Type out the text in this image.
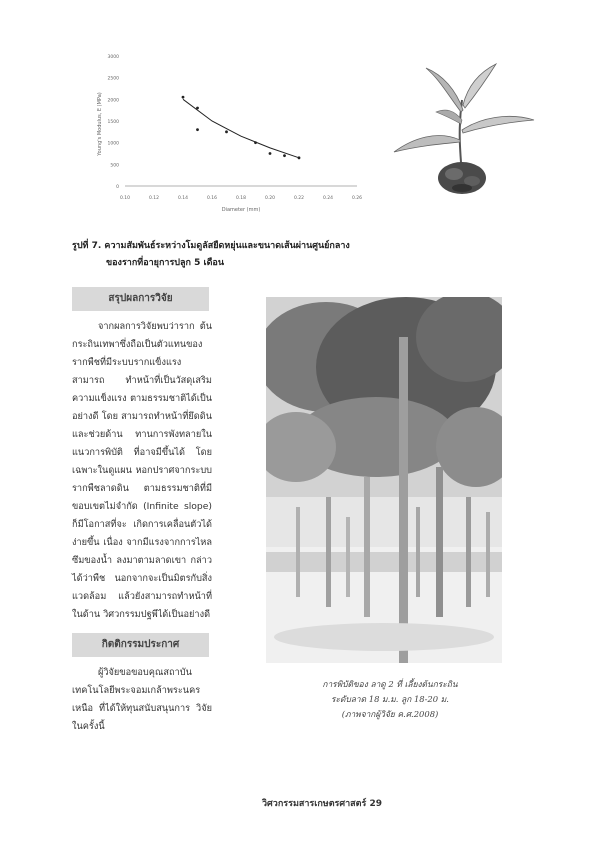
3000
2500
2000
1500
1000
500
0
0.10	0.12	0.14	0.16	0.18	0.20	0.22	0.24	0.26
Young's Modulus, E (MPa)
Diameter (mm)
รูปที่ 7. ความสัมพันธ์ระหว่างโมดูลัสยืดหยุ่นและขนาดเส้นผ่านศูนย์กลาง
ของรากที่อายุการปลูก 5 เดือน
สรุปผลการวิจัย

จากผลการวิจัยพบว่าราก ต้นกระถินเทพาซึ่งถือเป็นตัวแทนของ รากพืชที่มีระบบรากแข็งแรงสามารถ ทำหน้าที่เป็นวัสดุเสริมความแข็งแรง ตามธรรมชาติได้เป็นอย่างดี โดย สามารถทำหน้าที่ยึดดินและช่วยด้าน ทานการพังทลายในแนวการพิบัติ ที่อาจมีขึ้นได้ โดยเฉพาะในดูแผน หอกปราศจากระบบรากพืชลาดดิน ตามธรรมชาติที่มีขอบเขตไม่จำกัด (Infinite slope) ก็มีโอกาสที่จะ เกิดการเคลื่อนตัวได้ง่ายขึ้น เนื่อง จากมีแรงจากการไหลซึมของน้ำ ลงมาตามลาดเขา กล่าวได้ว่าพืช นอกจากจะเป็นมิตรกับสิ่งแวดล้อม แล้วยังสามารถทำหน้าที่ในด้าน วิศวกรรมปฐพีได้เป็นอย่างดี

กิตติกรรมประกาศ

ผู้วิจัยขอขอบคุณสถาบัน เทคโนโลยีพระจอมเกล้าพระนคร เหนือ ที่ได้ให้ทุนสนับสนุนการ วิจัยในครั้งนี้

การพิบัติของ ลาดู 2 ที่ เลี้ยงต้นกระถิน
ระดับลาด 18 ม.ม. ลูก 18-20 ม.
(ภาพจากผู้วิจัย ค.ศ.2008)
วิศวกรรมสารเกษตรศาสตร์ 29
